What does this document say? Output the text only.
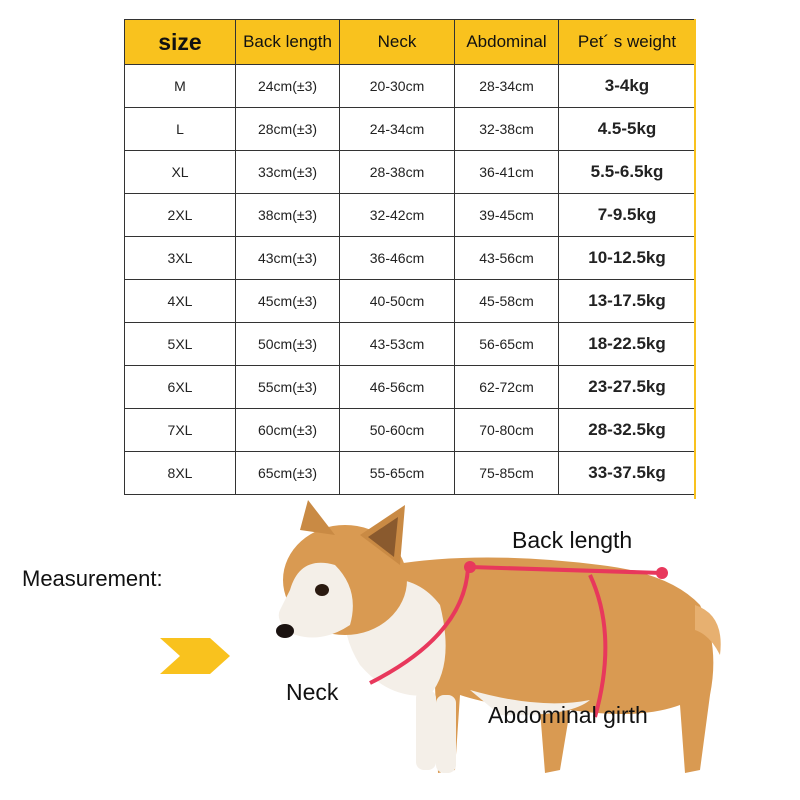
size	Back length	Neck	Abdominal	Pet´ s weight
M	24cm(±3)	20-30cm	28-34cm	3-4kg
L	28cm(±3)	24-34cm	32-38cm	4.5-5kg
XL	33cm(±3)	28-38cm	36-41cm	5.5-6.5kg
2XL	38cm(±3)	32-42cm	39-45cm	7-9.5kg
3XL	43cm(±3)	36-46cm	43-56cm	10-12.5kg
4XL	45cm(±3)	40-50cm	45-58cm	13-17.5kg
5XL	50cm(±3)	43-53cm	56-65cm	18-22.5kg
6XL	55cm(±3)	46-56cm	62-72cm	23-27.5kg
7XL	60cm(±3)	50-60cm	70-80cm	28-32.5kg
8XL	65cm(±3)	55-65cm	75-85cm	33-37.5kg
Measurement:
Back length
Neck
Abdominal girth
